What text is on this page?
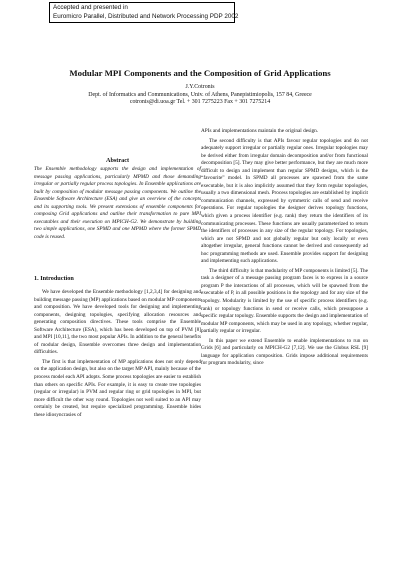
Accepted and presented in
Euromicro Parallel, Distributed and Network Processing PDP 2002
Modular MPI Components and the Composition of Grid Applications
J.Y.Cotronis
Dept. of Informatics and Communications, Univ. of Athens, Panepistimiopolis, 157 84, Greece
cotronis@di.uoa.gr Tel. + 301 7275223 Fax + 301 7275214
Abstract
The Ensemble methodology supports the design and implementation of message passing applications, particularly MPMD and those demanding irregular or partially regular process topologies. In Ensemble applications are built by composition of modular message passing components. We outline the Ensemble Software Architecture (ESA) and give an overview of the concepts and its supporting tools. We present extensions of ensemble components for composing Grid applications and outline their transformation to pure MPI executables and their execution on MPICH-G2. We demonstrate by building two simple applications, one SPMD and one MPMD where the former SPMD code is reused.
1. Introduction

We have developed the Ensemble methodology [1,2,3,4] for designing and building message passing (MP) applications based on modular MP components and composition. We have developed tools for designing and implementing components, designing topologies, specifying allocation resources and generating composition directives. These tools comprise the Ensemble Software Architecture (ESA), which has been developed on top of PVM [8] and MPI [10,11], the two most popular APIs. In addition to the general benefits of modular design, Ensemble overcomes three design and implementation difficulties.

The first is that implementation of MP applications does not only depend on the application design, but also on the target MP API, mainly because of the process model each API adopts. Some process topologies are easier to establish than others on specific APIs. For example, it is easy to create tree topologies (regular or irregular) in PVM and regular ring or grid topologies in MPI, but more difficult the other way round. Topologies not well suited to an API may certainly be created, but require specialized programming. Ensemble hides these idiosyncrasies of

APIs and implementations maintain the original design.

The second difficulty is that APIs favour regular topologies and do not adequately support irregular or partially regular ones. Irregular topologies may be derived either from irregular domain decomposition and/or from functional decomposition [5]. They may give better performance, but they are much more difficult to design and implement than regular SPMD designs, which is the “favourite” model. In SPMD all processes are spawned from the same executable, but it is also implicitly assumed that they form regular topologies, usually a two dimensional mesh. Process topologies are established by implicit communication channels, expressed by symmetric calls of send and receive operations. For regular topologies the designer derives topology functions, which given a process identifier (e.g. rank) they return the identifiers of its communicating processes. These functions are usually parameterized to return the identifiers of processes in any size of the regular topology. For topologies, which are not SPMD and not globally regular but only locally or even altogether irregular, general functions cannot be derived and consequently ad hoc programming methods are used. Ensemble provides support for designing and implementing such applications.

The third difficulty is that modularity of MP components is limited [5]. The task a designer of a message passing program faces is to express in a source program P the interactions of all processes, which will be spawned from the executable of P, in all possible positions in the topology and for any size of the topology. Modularity is limited by the use of specific process identifiers (e.g. rank) or topology functions in send or receive calls, which presuppose a specific regular topology. Ensemble supports the design and implementation of modular MP components, which may be used in any topology, whether regular, partially regular or irregular.

In this paper we extend Ensemble to enable implementations to run on Grids [6] and particularly on MPICH-G2 [7,12]. We use the Globus RSL [9] language for application composition. Grids impose additional requirements for program modularity, since
